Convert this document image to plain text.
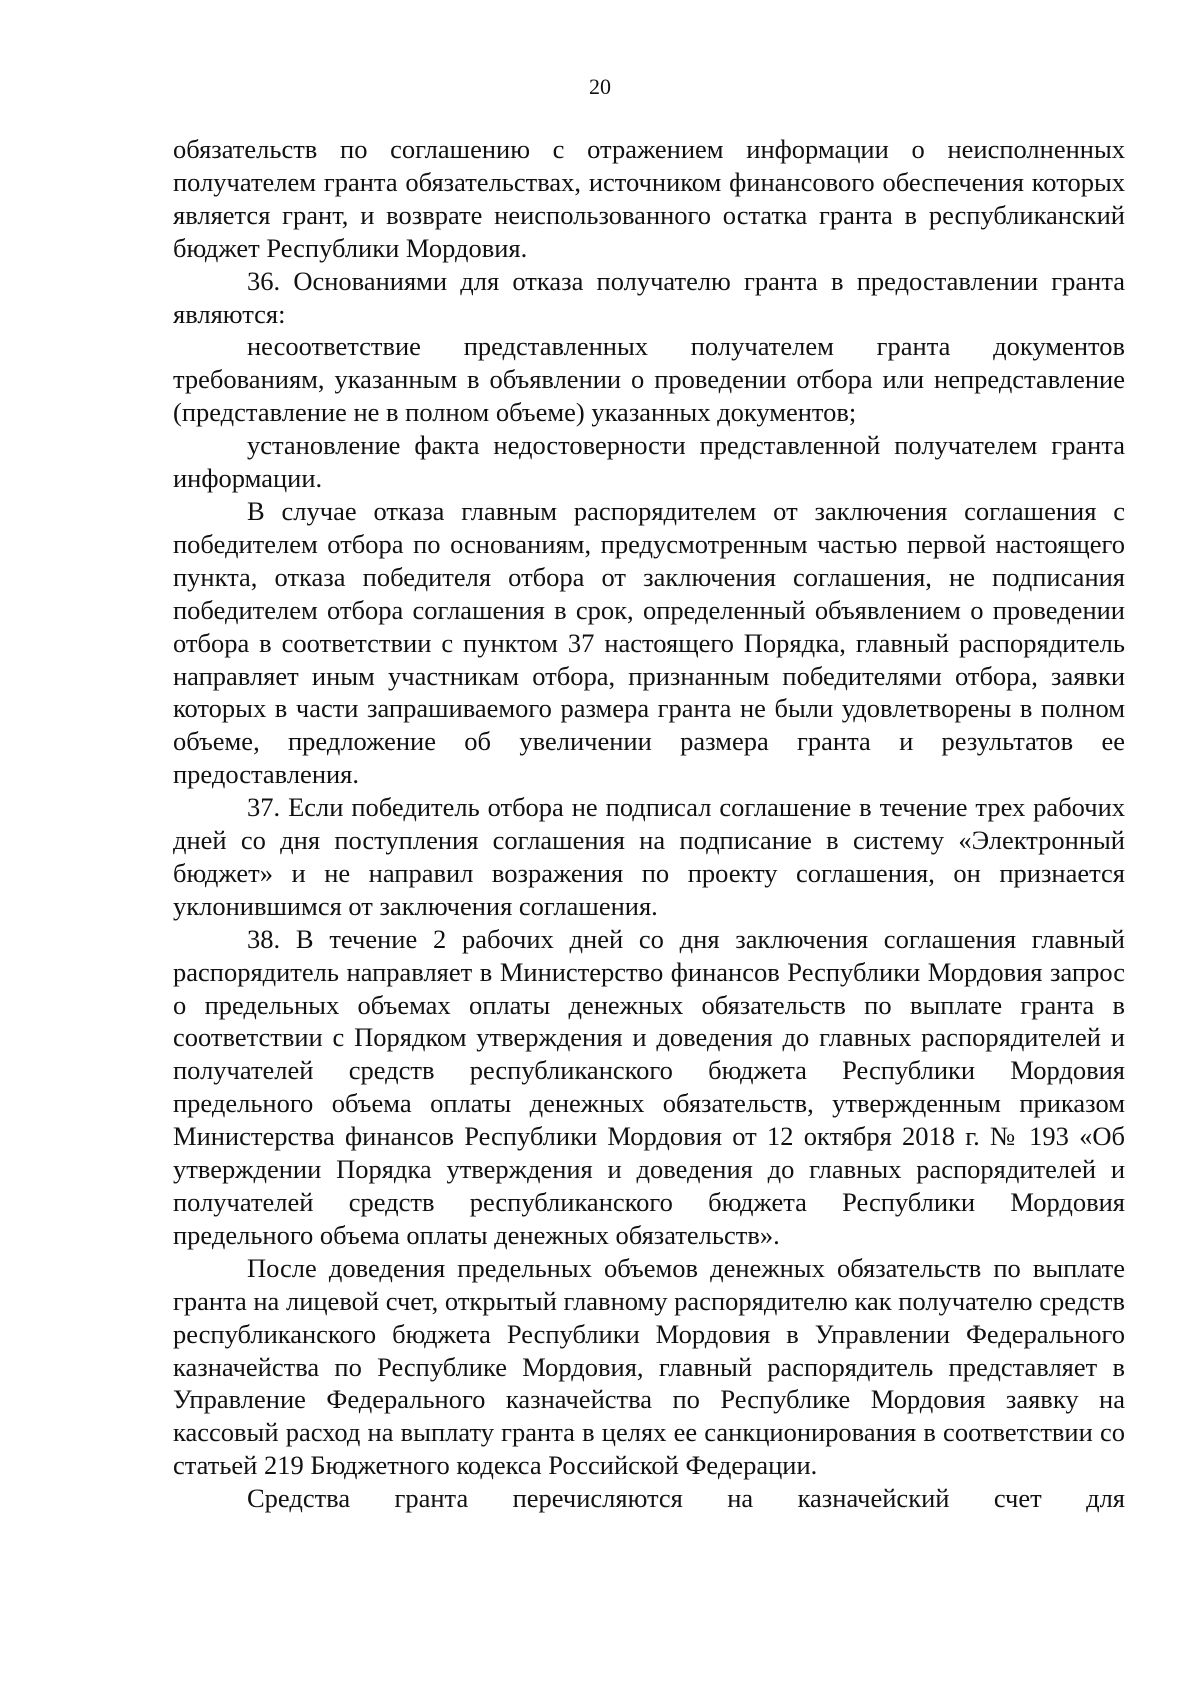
20

обязательств по соглашению с отражением информации о неисполненных получателем гранта обязательствах, источником финансового обеспечения которых является грант, и возврате неиспользованного остатка гранта в республиканский бюджет Республики Мордовия.

36. Основаниями для отказа получателю гранта в предоставлении гранта являются:

несоответствие представленных получателем гранта документов требованиям, указанным в объявлении о проведении отбора или непредставление (представление не в полном объеме) указанных документов;

установление факта недостоверности представленной получателем гранта информации.

В случае отказа главным распорядителем от заключения соглашения с победителем отбора по основаниям, предусмотренным частью первой настоящего пункта, отказа победителя отбора от заключения соглашения, не подписания победителем отбора соглашения в срок, определенный объявлением о проведении отбора в соответствии с пунктом 37 настоящего Порядка, главный распорядитель направляет иным участникам отбора, признанным победителями отбора, заявки которых в части запрашиваемого размера гранта не были удовлетворены в полном объеме, предложение об увеличении размера гранта и результатов ее предоставления.

37. Если победитель отбора не подписал соглашение в течение трех рабочих дней со дня поступления соглашения на подписание в систему «Электронный бюджет» и не направил возражения по проекту соглашения, он признается уклонившимся от заключения соглашения.

38. В течение 2 рабочих дней со дня заключения соглашения главный распорядитель направляет в Министерство финансов Республики Мордовия запрос о предельных объемах оплаты денежных обязательств по выплате гранта в соответствии с Порядком утверждения и доведения до главных распорядителей и получателей средств республиканского бюджета Республики Мордовия предельного объема оплаты денежных обязательств, утвержденным приказом Министерства финансов Республики Мордовия от 12 октября 2018 г. № 193 «Об утверждении Порядка утверждения и доведения до главных распорядителей и получателей средств республиканского бюджета Республики Мордовия предельного объема оплаты денежных обязательств».

После доведения предельных объемов денежных обязательств по выплате гранта на лицевой счет, открытый главному распорядителю как получателю средств республиканского бюджета Республики Мордовия в Управлении Федерального казначейства по Республике Мордовия, главный распорядитель представляет в Управление Федерального казначейства по Республике Мордовия заявку на кассовый расход на выплату гранта в целях ее санкционирования в соответствии со статьей 219 Бюджетного кодекса Российской Федерации.

Средства гранта перечисляются на казначейский счет для
